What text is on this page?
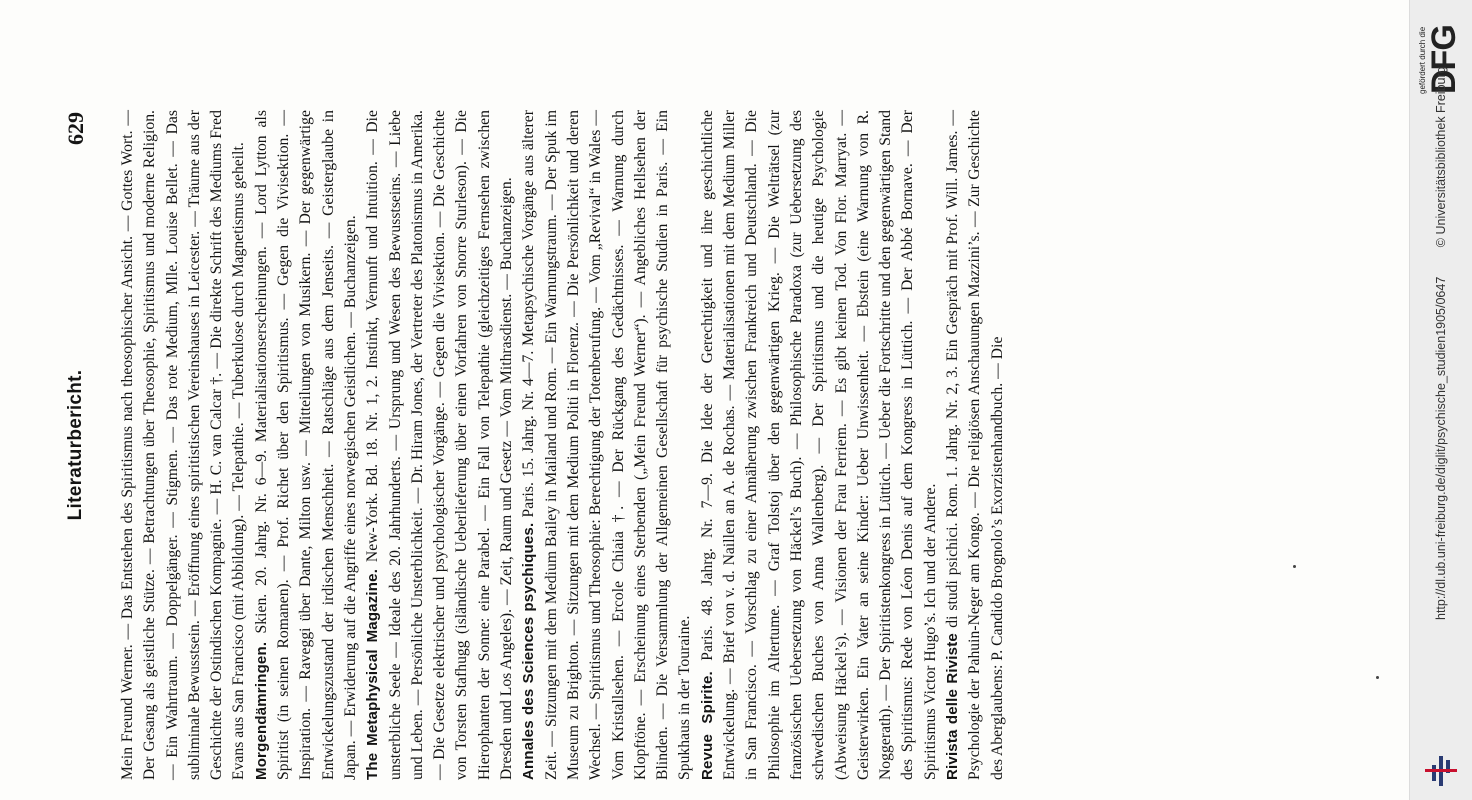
Literaturbericht.
629 Mein Freund Werner. — Das Entstehen des Spiritismus nach theosophischer Ansicht. — Gottes Wort. — Der Gesang als geistliche Stütze. — Betrachtungen über Theosophie, Spiritismus und moderne Religion. — Ein Wahrtraum. — Doppelgänger. — Stigmen. — Das rote Medium, Mlle. Louise Bellet. — Das subliminale Bewusstsein. — Eröffnung eines spiritistischen Vereinshauses in Leicester. — Träume aus der Geschichte der Ostindischen Kompagnie. — H. C. van Calcar †. — Die direkte Schrift des Mediums Fred Evans aus San Francisco (mit Abbildung). — Telepathie. — Tuberkulose durch Magnetismus geheilt. Morgendämringen. Skien. 20. Jahrg. Nr. 6—9. Materialisationserscheinungen. — Lord Lytton als Spiritist (in seinen Romanen). — Prof. Richet über den Spiritismus. — Gegen die Vivisektion. — Inspiration. — Raveggi über Dante, Milton usw. — Mitteilungen von Musikern. — Der gegenwärtige Entwickelungszustand der irdischen Menschheit. — Ratschläge aus dem Jenseits. — Geisterglaube in Japan. — Erwiderung auf die Angriffe eines norwegischen Geistlichen. — Buchanzeigen. The Metaphysical Magazine. New-York. Bd. 18. Nr. 1, 2. Instinkt, Vernunft und Intuition. — Die unsterbliche Seele — Ideale des 20. Jahrhunderts. — Ursprung und Wesen des Bewusstseins. — Liebe und Leben. — Persönliche Unsterblichkeit. — Dr. Hiram Jones, der Vertreter des Platonismus in Amerika. — Die Gesetze elektrischer und psychologischer Vorgänge. — Gegen die Vivisektion. — Die Geschichte von Torsten Stafhugg (isländische Ueberlieferung über einen Vorfahren von Snorre Sturleson). — Die Hierophanten der Sonne: eine Parabel. — Ein Fall von Telepathie (gleichzeitiges Fernsehen zwischen Dresden und Los Angeles). — Zeit, Raum und Gesetz — Vom Mithrasdienst. — Buchanzeigen. Annales des Sciences psychiques. Paris. 15. Jahrg. Nr. 4—7. Metapsychische Vorgänge aus älterer Zeit. — Sitzungen mit dem Medium Bailey in Mailand und Rom. — Ein Warnungstraum. — Der Spuk im Museum zu Brighton. — Sitzungen mit dem Medium Politi in Florenz. — Die Persönlichkeit und deren Wechsel. — Spiritismus und Theosophie: Berechtigung der Totenberufung. — Vom „Revival“ in Wales — Vom Kristallsehen. — Ercole Chiaia †. — Der Rückgang des Gedächtnisses. — Warnung durch Klopftöne. — Erscheinung eines Sterbenden („Mein Freund Werner“). — Angebliches Hellsehen der Blinden. — Die Versammlung der Allgemeinen Gesellschaft für psychische Studien in Paris. — Ein Spukhaus in der Touraine. Revue Spirite. Paris. 48. Jahrg. Nr. 7—9. Die Idee der Gerechtigkeit und ihre geschichtliche Entwickelung. — Brief von v. d. Naillen an A. de Rochas. — Materialisationen mit dem Medium Miller in San Francisco. — Vorschlag zu einer Annäherung zwischen Frankreich und Deutschland. — Die Philosophie im Altertume. — Graf Tolstoj über den gegenwärtigen Krieg. — Die Welträtsel (zur französischen Uebersetzung von Häckel’s Buch). — Philosophische Paradoxa (zur Uebersetzung des schwedischen Buches von Anna Wallenberg). — Der Spiritismus und die heutige Psychologie (Abweisung Häckel’s). — Visionen der Frau Ferriem. — Es gibt keinen Tod. Von Flor. Marryat. — Geisterwirken. Ein Vater an seine Kinder: Ueber Unwissenheit. — Ebstein (eine Warnung von R. Noggerath). — Der Spiritistenkongress in Lüttich. — Ueber die Fortschritte und den gegenwärtigen Stand des Spiritismus: Rede von Léon Denis auf dem Kongress in Lüttich. — Der Abbé Bornave. — Der Spiritismus Victor Hugo’s. Ich und der Andere. Rivista delle Riviste di studi psichici. Rom. 1. Jahrg. Nr. 2, 3. Ein Gespräch mit Prof. Will. James. — Psychologie der Pahuin-Neger am Kongo. — Die religiösen Anschauungen Mazzini’s. — Zur Geschichte des Aberglaubens: P. Candido Brognolo’s Exorzistenhandbuch. — Die

gefördert durch die
DFG
http://dl.ub.uni-freiburg.de/diglit/psychische_studien1905/0647 © Universitätsbibliothek Freiburg
